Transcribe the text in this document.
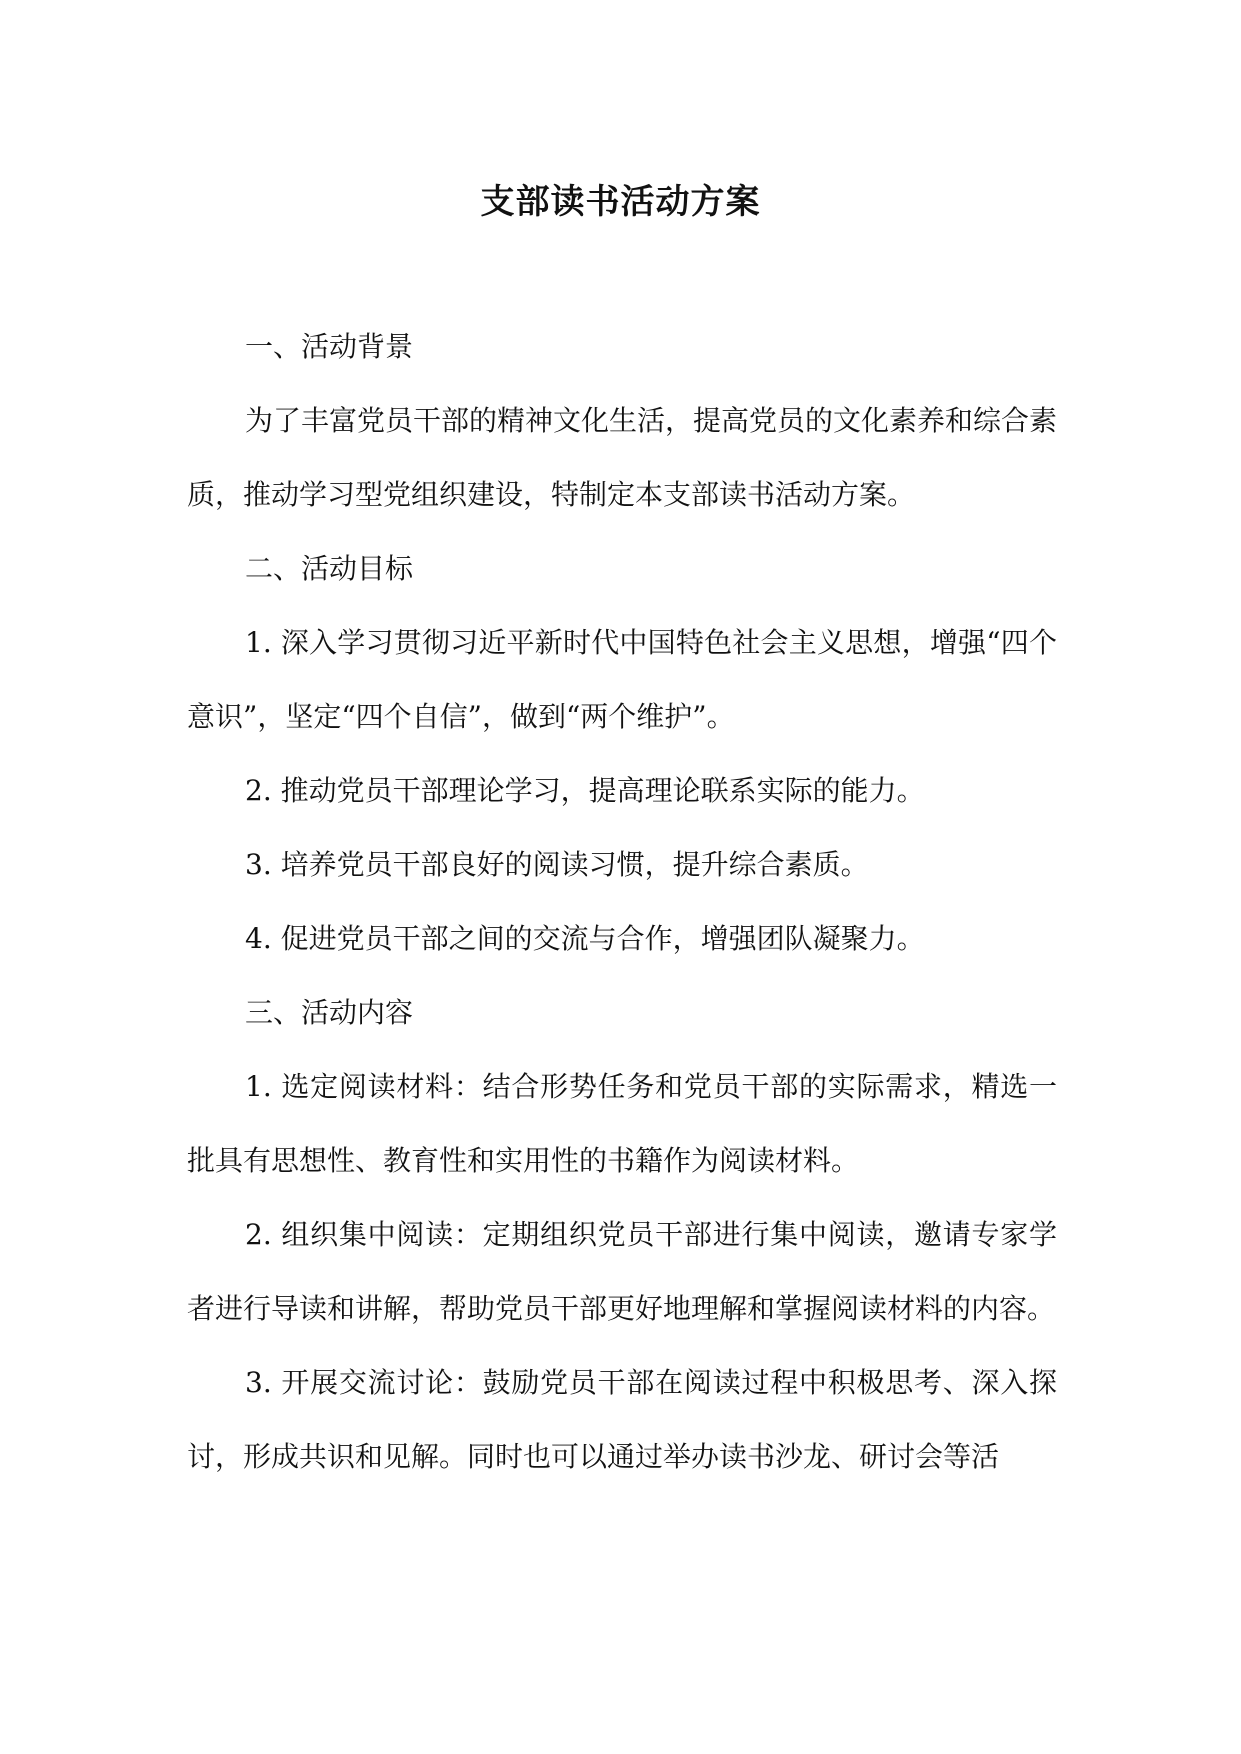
支部读书活动方案

一、活动背景

为了丰富党员干部的精神文化生活，提高党员的文化素养和综合素质，推动学习型党组织建设，特制定本支部读书活动方案。

二、活动目标

1. 深入学习贯彻习近平新时代中国特色社会主义思想，增强“四个意识”，坚定“四个自信”，做到“两个维护”。

2. 推动党员干部理论学习，提高理论联系实际的能力。

3. 培养党员干部良好的阅读习惯，提升综合素质。

4. 促进党员干部之间的交流与合作，增强团队凝聚力。

三、活动内容

1. 选定阅读材料：结合形势任务和党员干部的实际需求，精选一批具有思想性、教育性和实用性的书籍作为阅读材料。

2. 组织集中阅读：定期组织党员干部进行集中阅读，邀请专家学者进行导读和讲解，帮助党员干部更好地理解和掌握阅读材料的内容。

3. 开展交流讨论：鼓励党员干部在阅读过程中积极思考、深入探讨，形成共识和见解。同时也可以通过举办读书沙龙、研讨会等活
